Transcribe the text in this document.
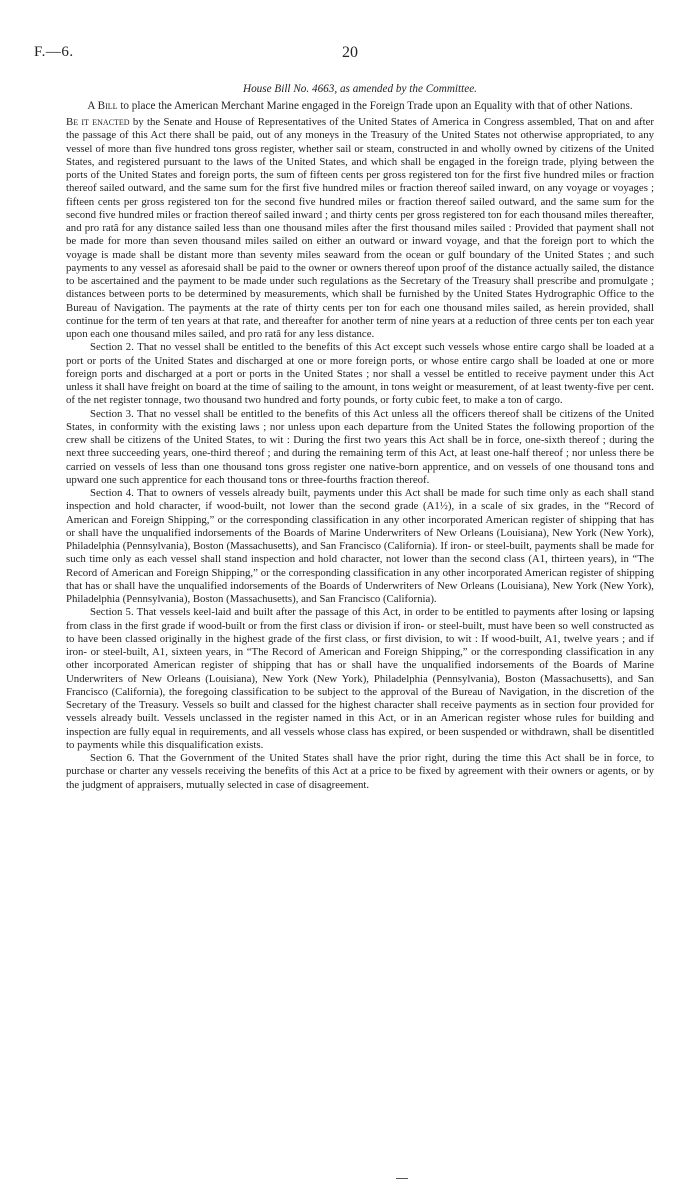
F.—6.	20

House Bill No. 4663, as amended by the Committee.

A Bill to place the American Merchant Marine engaged in the Foreign Trade upon an Equality with that of other Nations.

Be it enacted by the Senate and House of Representatives of the United States of America in Congress assembled, That on and after the passage of this Act there shall be paid, out of any moneys in the Treasury of the United States not otherwise appropriated, to any vessel of more than five hundred tons gross register, whether sail or steam, constructed in and wholly owned by citizens of the United States, and registered pursuant to the laws of the United States, and which shall be engaged in the foreign trade, plying between the ports of the United States and foreign ports, the sum of fifteen cents per gross registered ton for the first five hundred miles or fraction thereof sailed outward, and the same sum for the first five hundred miles or fraction thereof sailed inward, on any voyage or voyages ; fifteen cents per gross registered ton for the second five hundred miles or fraction thereof sailed outward, and the same sum for the second five hundred miles or fraction thereof sailed inward ; and thirty cents per gross registered ton for each thousand miles thereafter, and pro ratâ for any distance sailed less than one thousand miles after the first thousand miles sailed : Provided that payment shall not be made for more than seven thousand miles sailed on either an outward or inward voyage, and that the foreign port to which the voyage is made shall be distant more than seventy miles seaward from the ocean or gulf boundary of the United States ; and such payments to any vessel as aforesaid shall be paid to the owner or owners thereof upon proof of the distance actually sailed, the distance to be ascertained and the payment to be made under such regulations as the Secretary of the Treasury shall prescribe and promulgate ; distances between ports to be determined by measurements, which shall be furnished by the United States Hydrographic Office to the Bureau of Navigation. The payments at the rate of thirty cents per ton for each one thousand miles sailed, as herein provided, shall continue for the term of ten years at that rate, and thereafter for another term of nine years at a reduction of three cents per ton each year upon each one thousand miles sailed, and pro ratâ for any less distance.

Section 2. That no vessel shall be entitled to the benefits of this Act except such vessels whose entire cargo shall be loaded at a port or ports of the United States and discharged at one or more foreign ports, or whose entire cargo shall be loaded at one or more foreign ports and discharged at a port or ports in the United States ; nor shall a vessel be entitled to receive payment under this Act unless it shall have freight on board at the time of sailing to the amount, in tons weight or measurement, of at least twenty-five per cent. of the net register tonnage, two thousand two hundred and forty pounds, or forty cubic feet, to make a ton of cargo.

Section 3. That no vessel shall be entitled to the benefits of this Act unless all the officers thereof shall be citizens of the United States, in conformity with the existing laws ; nor unless upon each departure from the United States the following proportion of the crew shall be citizens of the United States, to wit : During the first two years this Act shall be in force, one-sixth thereof ; during the next three succeeding years, one-third thereof ; and during the remaining term of this Act, at least one-half thereof ; nor unless there be carried on vessels of less than one thousand tons gross register one native-born apprentice, and on vessels of one thousand tons and upward one such apprentice for each thousand tons or three-fourths fraction thereof.

Section 4. That to owners of vessels already built, payments under this Act shall be made for such time only as each shall stand inspection and hold character, if wood-built, not lower than the second grade (A1½), in a scale of six grades, in the “Record of American and Foreign Shipping,” or the corresponding classification in any other incorporated American register of shipping that has or shall have the unqualified indorsements of the Boards of Marine Underwriters of New Orleans (Louisiana), New York (New York), Philadelphia (Pennsylvania), Boston (Massachusetts), and San Francisco (California). If iron- or steel-built, payments shall be made for such time only as each vessel shall stand inspection and hold character, not lower than the second class (A1, thirteen years), in “The Record of American and Foreign Shipping,” or the corresponding classification in any other incorporated American register of shipping that has or shall have the unqualified indorsements of the Boards of Underwriters of New Orleans (Louisiana), New York (New York), Philadelphia (Pennsylvania), Boston (Massachusetts), and San Francisco (California).

Section 5. That vessels keel-laid and built after the passage of this Act, in order to be entitled to payments after losing or lapsing from class in the first grade if wood-built or from the first class or division if iron- or steel-built, must have been so well constructed as to have been classed originally in the highest grade of the first class, or first division, to wit : If wood-built, A1, twelve years ; and if iron- or steel-built, A1, sixteen years, in “The Record of American and Foreign Shipping,” or the corresponding classification in any other incorporated American register of shipping that has or shall have the unqualified indorsements of the Boards of Marine Underwriters of New Orleans (Louisiana), New York (New York), Philadelphia (Pennsylvania), Boston (Massachusetts), and San Francisco (California), the foregoing classification to be subject to the approval of the Bureau of Navigation, in the discretion of the Secretary of the Treasury. Vessels so built and classed for the highest character shall receive payments as in section four provided for vessels already built. Vessels unclassed in the register named in this Act, or in an American register whose rules for building and inspection are fully equal in requirements, and all vessels whose class has expired, or been suspended or withdrawn, shall be disentitled to payments while this disqualification exists.

Section 6. That the Government of the United States shall have the prior right, during the time this Act shall be in force, to purchase or charter any vessels receiving the benefits of this Act at a price to be fixed by agreement with their owners or agents, or by the judgment of appraisers, mutually selected in case of disagreement.
